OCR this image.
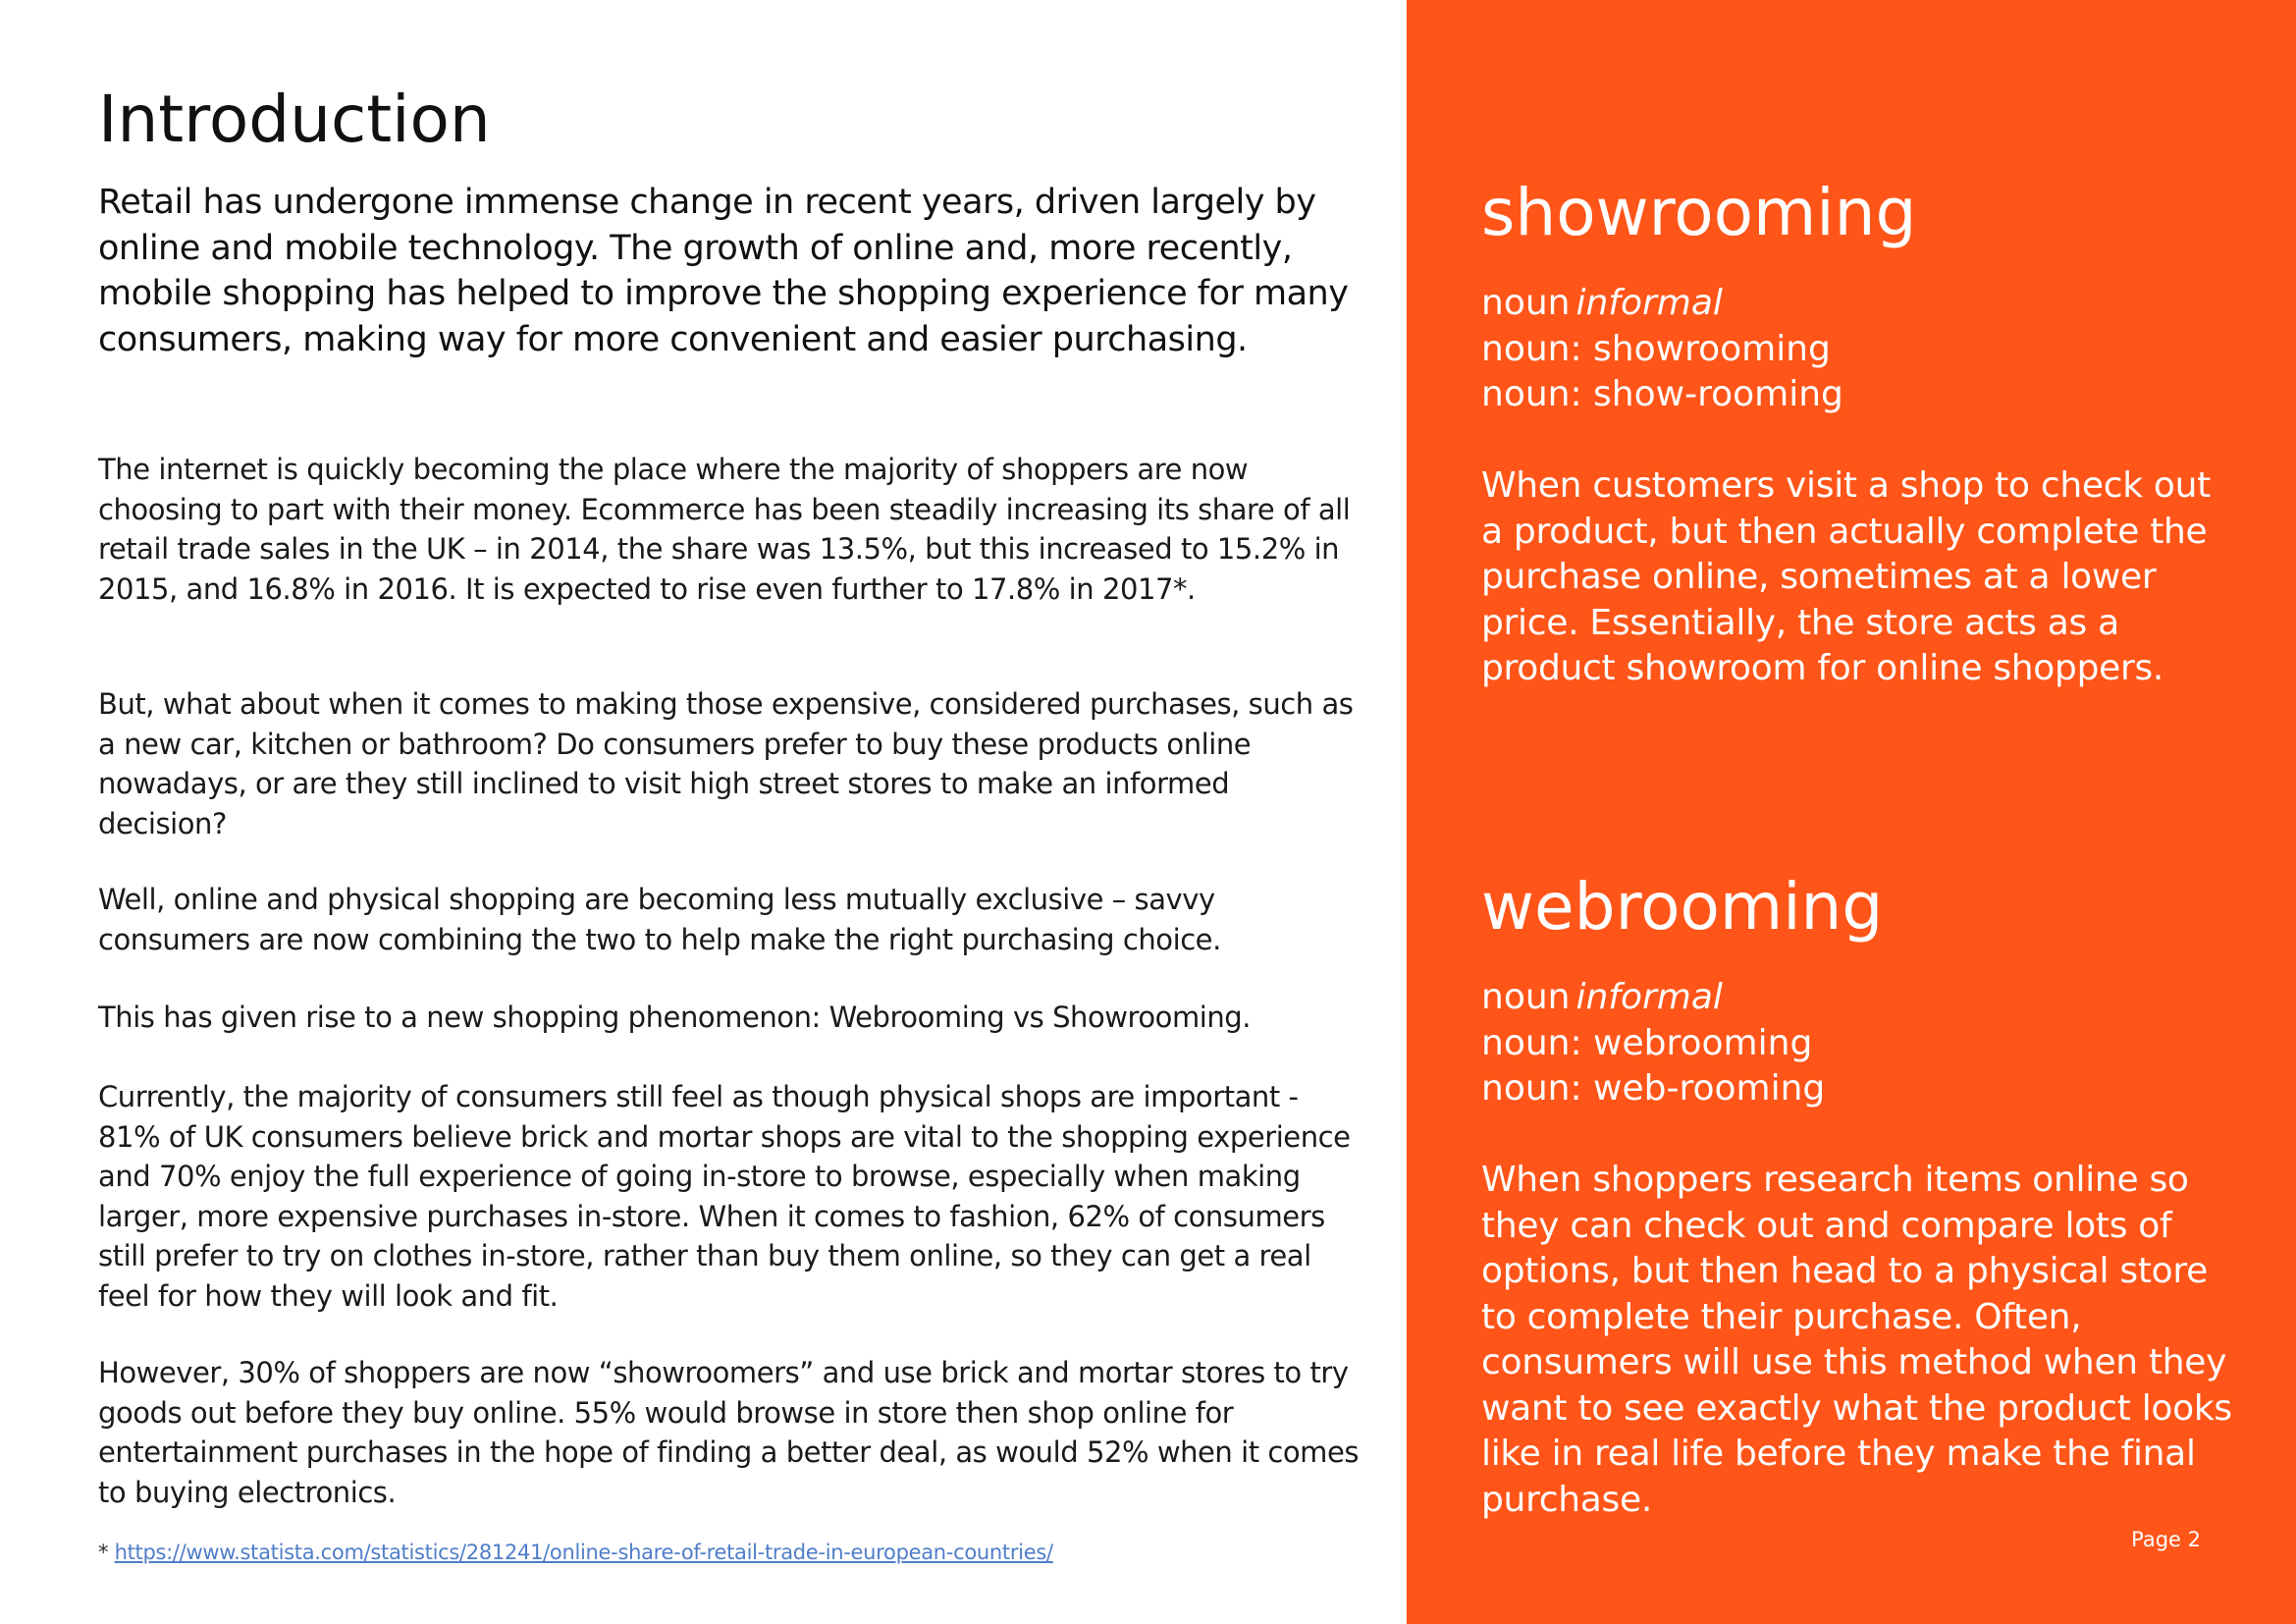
Introduction

Retail has undergone immense change in recent years, driven largely by online and mobile technology. The growth of online and, more recently, mobile shopping has helped to improve the shopping experience for many consumers, making way for more convenient and easier purchasing.

The internet is quickly becoming the place where the majority of shoppers are now choosing to part with their money. Ecommerce has been steadily increasing its share of all retail trade sales in the UK – in 2014, the share was 13.5%, but this increased to 15.2% in 2015, and 16.8% in 2016. It is expected to rise even further to 17.8% in 2017*.

But, what about when it comes to making those expensive, considered purchases, such as a new car, kitchen or bathroom? Do consumers prefer to buy these products online nowadays, or are they still inclined to visit high street stores to make an informed decision?

Well, online and physical shopping are becoming less mutually exclusive – savvy consumers are now combining the two to help make the right purchasing choice.

This has given rise to a new shopping phenomenon: Webrooming vs Showrooming.

Currently, the majority of consumers still feel as though physical shops are important - 81% of UK consumers believe brick and mortar shops are vital to the shopping experience and 70% enjoy the full experience of going in-store to browse, especially when making larger, more expensive purchases in-store. When it comes to fashion, 62% of consumers still prefer to try on clothes in-store, rather than buy them online, so they can get a real feel for how they will look and fit.

However, 30% of shoppers are now “showroomers” and use brick and mortar stores to try goods out before they buy online. 55% would browse in store then shop online for entertainment purchases in the hope of finding a better deal, as would 52% when it comes to buying electronics.

* https://www.statista.com/statistics/281241/online-share-of-retail-trade-in-european-countries/

showrooming
noun informal
noun: showrooming
noun: show-rooming

When customers visit a shop to check out a product, but then actually complete the purchase online, sometimes at a lower price. Essentially, the store acts as a product showroom for online shoppers.

webrooming
noun informal
noun: webrooming
noun: web-rooming

When shoppers research items online so they can check out and compare lots of options, but then head to a physical store to complete their purchase. Often, consumers will use this method when they want to see exactly what the product looks like in real life before they make the final purchase.

Page 2
